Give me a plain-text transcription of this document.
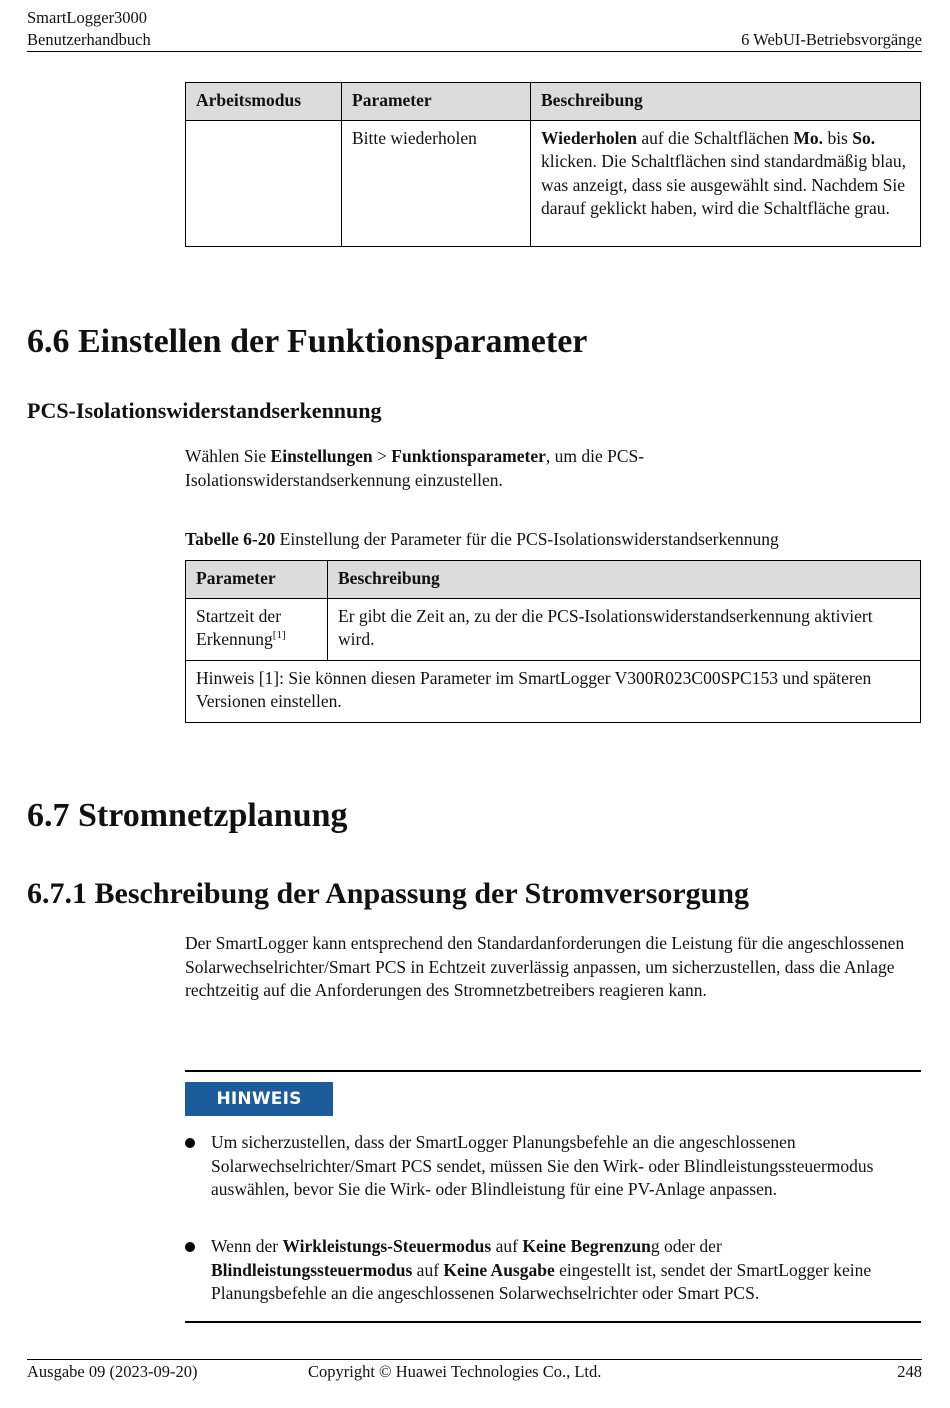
SmartLogger3000
Benutzerhandbuch	6 WebUI-Betriebsvorgänge
Arbeitsmodus	Parameter	Beschreibung
	Bitte wiederholen	Wiederholen auf die Schaltflächen Mo. bis So. klicken. Die Schaltflächen sind standardmäßig blau, was anzeigt, dass sie ausgewählt sind. Nachdem Sie darauf geklickt haben, wird die Schaltfläche grau.
6.6 Einstellen der Funktionsparameter
PCS-Isolationswiderstandserkennung
Wählen Sie Einstellungen > Funktionsparameter, um die PCS-Isolationswiderstandserkennung einzustellen.
Tabelle 6-20 Einstellung der Parameter für die PCS-Isolationswiderstandserkennung
Parameter	Beschreibung
Startzeit der Erkennung[1]	Er gibt die Zeit an, zu der die PCS-Isolationswiderstandserkennung aktiviert wird.
Hinweis [1]: Sie können diesen Parameter im SmartLogger V300R023C00SPC153 und späteren Versionen einstellen.	
6.7 Stromnetzplanung
6.7.1 Beschreibung der Anpassung der Stromversorgung
Der SmartLogger kann entsprechend den Standardanforderungen die Leistung für die angeschlossenen Solarwechselrichter/Smart PCS in Echtzeit zuverlässig anpassen, um sicherzustellen, dass die Anlage rechtzeitig auf die Anforderungen des Stromnetzbetreibers reagieren kann.
HINWEIS
Um sicherzustellen, dass der SmartLogger Planungsbefehle an die angeschlossenen Solarwechselrichter/Smart PCS sendet, müssen Sie den Wirk- oder Blindleistungssteuermodus auswählen, bevor Sie die Wirk- oder Blindleistung für eine PV-Anlage anpassen.
Wenn der Wirkleistungs-Steuermodus auf Keine Begrenzung oder der Blindleistungssteuermodus auf Keine Ausgabe eingestellt ist, sendet der SmartLogger keine Planungsbefehle an die angeschlossenen Solarwechselrichter oder Smart PCS.
Ausgabe 09 (2023-09-20)	Copyright © Huawei Technologies Co., Ltd.	248
